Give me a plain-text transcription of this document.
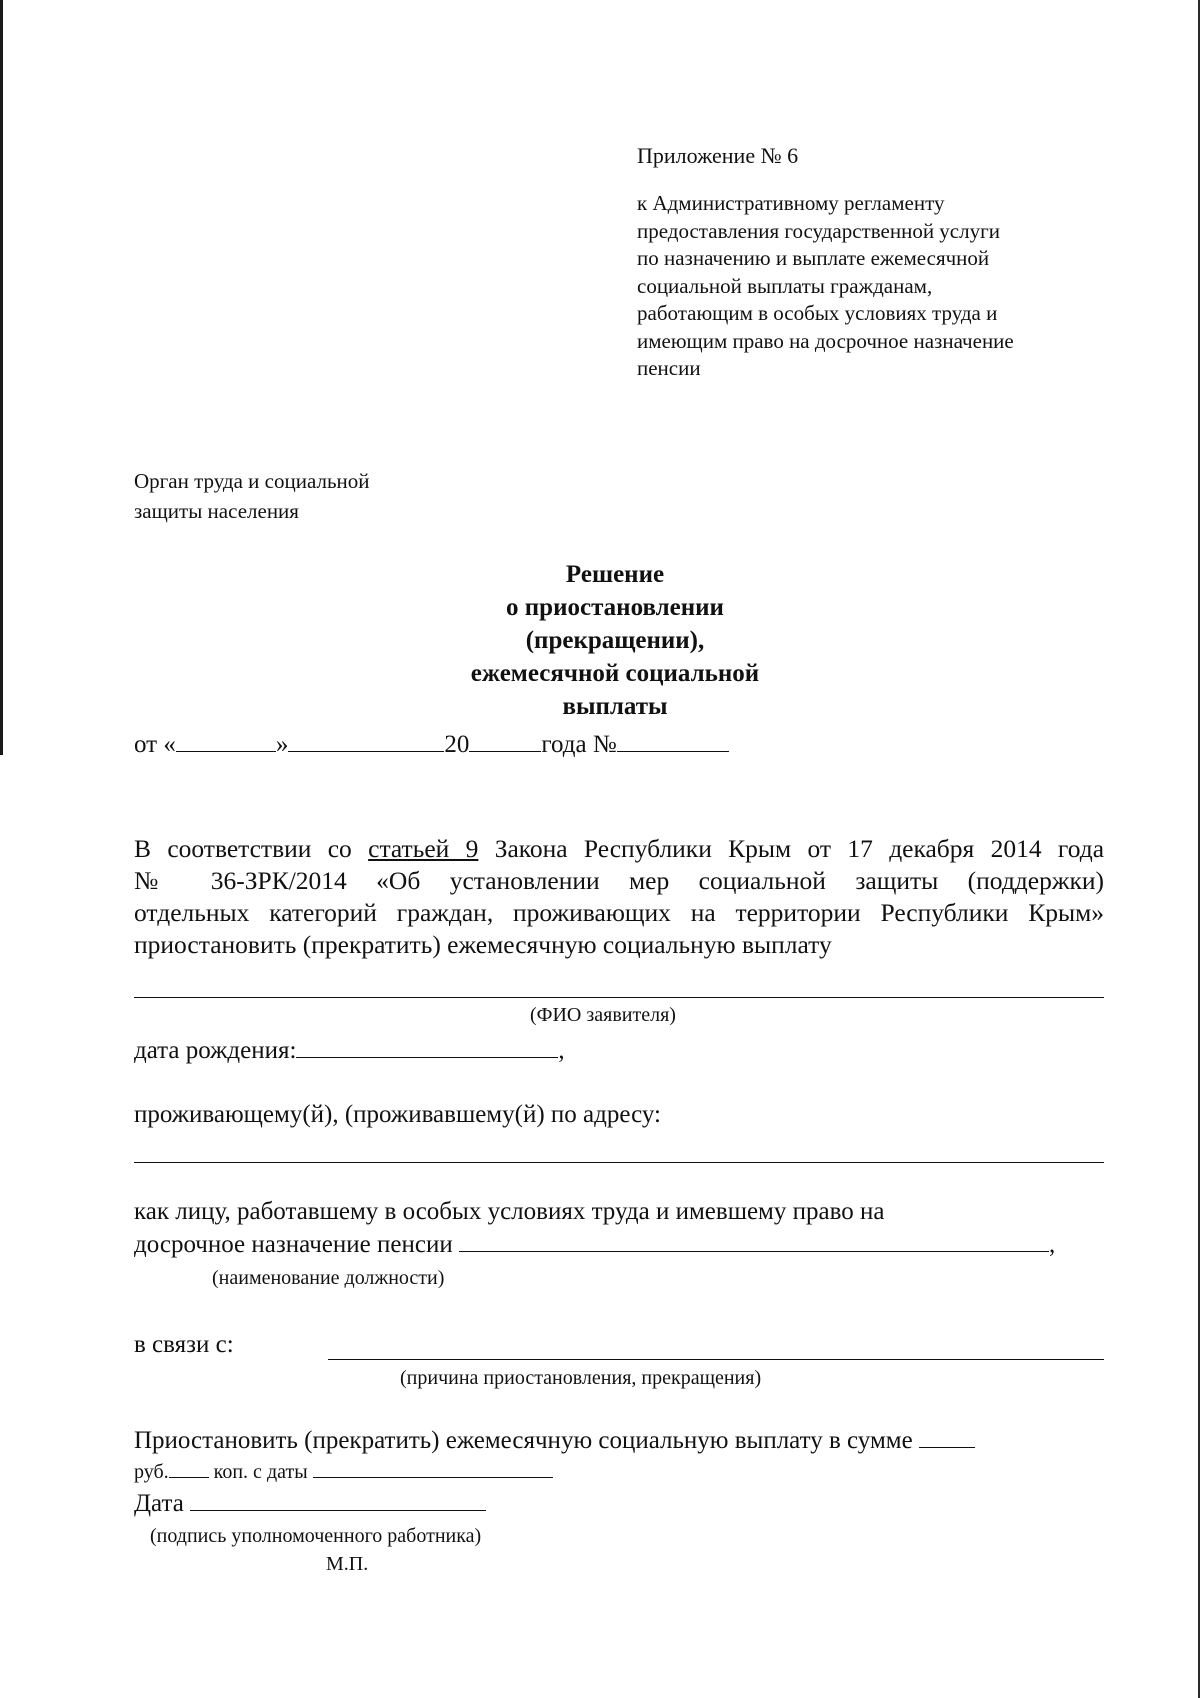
Приложение № 6
к Административному регламенту
предоставления государственной услуги
по назначению и выплате ежемесячной
социальной выплаты гражданам,
работающим в особых условиях труда и
имеющим право на досрочное назначение
пенсии
Орган труда и социальной
защиты населения
Решение
о приостановлении
(прекращении),
ежемесячной социальной
выплаты
от «	»	20	года №
В соответствии со статьей 9 Закона Республики Крым от 17 декабря 2014 года
№ 36-ЗРК/2014 «Об установлении мер социальной защиты (поддержки)
отдельных категорий граждан, проживающих на территории Республики Крым»
приостановить (прекратить) ежемесячную социальную выплату
(ФИО заявителя)
дата рождения:	,
проживающему(й), (проживавшему(й) по адресу:
как лицу, работавшему в особых условиях труда и имевшему право на
досрочное назначение пенсии	,
(наименование должности)
в связи с:
(причина приостановления, прекращения)
Приостановить (прекратить) ежемесячную социальную выплату в сумме
руб. коп. с даты
Дата
(подпись уполномоченного работника)
М.П.
